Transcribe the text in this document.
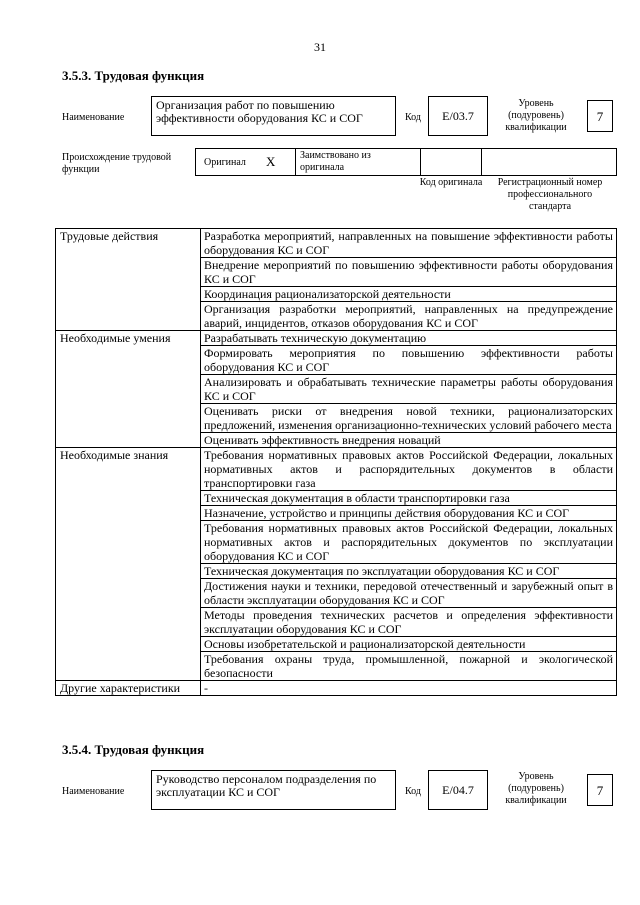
31
3.5.3. Трудовая функция
Наименование
Организация работ по повышению эффективности оборудования КС и СОГ	Код	E/03.7
Уровень (подуровень) квалификации
7
Происхождение трудовой функции
Оригинал X	Заимствовано из оригинала
Код оригинала	Регистрационный номер профессионального стандарта
Трудовые действия	Разработка мероприятий, направленных на повышение эффективности работы оборудования КС и СОГ
	Внедрение мероприятий по повышению эффективности работы оборудования КС и СОГ
	Координация рационализаторской деятельности
	Организация разработки мероприятий, направленных на предупреждение аварий, инцидентов, отказов оборудования КС и СОГ
Необходимые умения	Разрабатывать техническую документацию
	Формировать мероприятия по повышению эффективности работы оборудования КС и СОГ
	Анализировать и обрабатывать технические параметры работы оборудования КС и СОГ
	Оценивать риски от внедрения новой техники, рационализаторских предложений, изменения организационно-технических условий рабочего места
	Оценивать эффективность внедрения новаций
Необходимые знания	Требования нормативных правовых актов Российской Федерации, локальных нормативных актов и распорядительных документов в области транспортировки газа
	Техническая документация в области транспортировки газа
	Назначение, устройство и принципы действия оборудования КС и СОГ
	Требования нормативных правовых актов Российской Федерации, локальных нормативных актов и распорядительных документов по эксплуатации оборудования КС и СОГ
	Техническая документация по эксплуатации оборудования КС и СОГ
	Достижения науки и техники, передовой отечественный и зарубежный опыт в области эксплуатации оборудования КС и СОГ
	Методы проведения технических расчетов и определения эффективности эксплуатации оборудования КС и СОГ
	Основы изобретательской и рационализаторской деятельности
	Требования охраны труда, промышленной, пожарной и экологической безопасности
Другие характеристики	-
3.5.4. Трудовая функция
Наименование
Руководство персоналом подразделения по эксплуатации КС и СОГ	Код	E/04.7
Уровень (подуровень) квалификации
7
